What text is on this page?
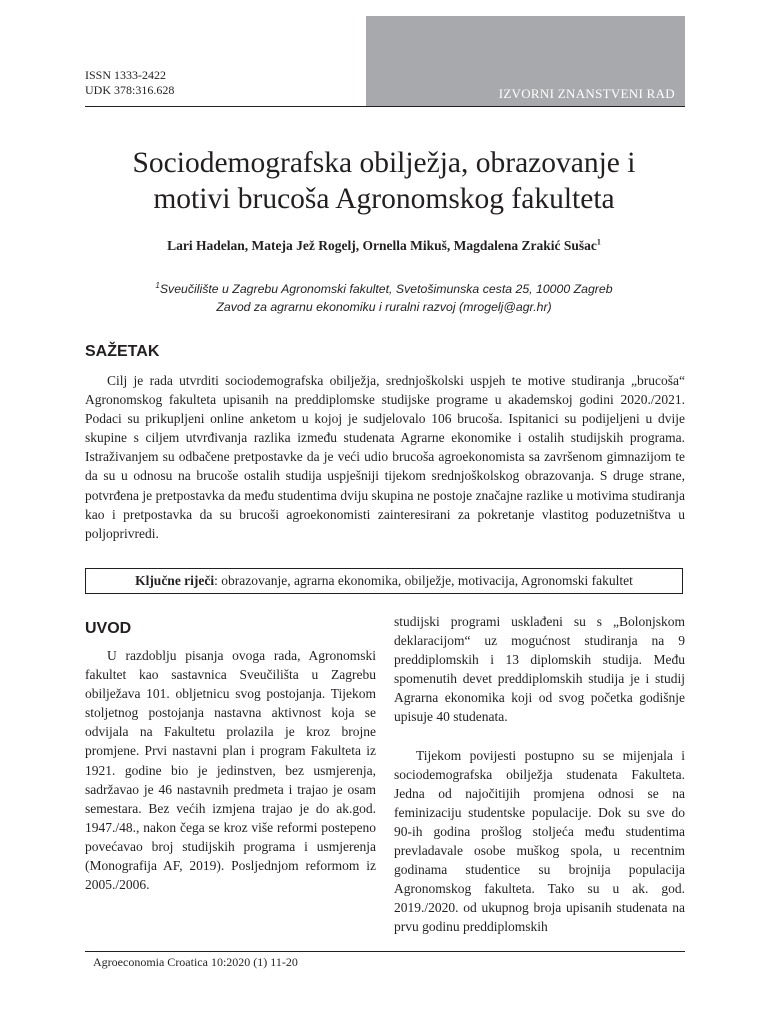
IZVORNI ZNANSTVENI RAD
ISSN 1333-2422
UDK 378:316.628
Sociodemografska obilježja, obrazovanje i
motivi brucoša Agronomskog fakulteta
Lari Hadelan, Mateja Jež Rogelj, Ornella Mikuš, Magdalena Zrakić Sušac$^1$
$^1$Sveučilište u Zagrebu Agronomski fakultet, Svetošimunska cesta 25, 10000 Zagreb
Zavod za agrarnu ekonomiku i ruralni razvoj (mrogelj@agr.hr)
SAŽETAK

Cilj je rada utvrditi sociodemografska obilježja, srednjoškolski uspjeh te motive studiranja „brucoša“ Agronomskog fakulteta upisanih na preddiplomske studijske programe u akademskoj godini 2020./2021. Podaci su prikupljeni online anketom u kojoj je sudjelovalo 106 brucoša. Ispitanici su podijeljeni u dvije skupine s ciljem utvrđivanja razlika između studenata Agrarne ekonomike i ostalih studijskih programa. Istraživanjem su odbačene pretpostavke da je veći udio brucoša agroekonomista sa završenom gimnazijom te da su u odnosu na brucoše ostalih studija uspješniji tijekom srednjoškolskog obrazovanja. S druge strane, potvrđena je pretpostavka da među studentima dviju skupina ne postoje značajne razlike u motivima studiranja kao i pretpostavka da su brucoši agroekonomisti zainteresirani za pokretanje vlastitog poduzetništva u poljoprivredi.

Ključne riječi: obrazovanje, agrarna ekonomika, obilježje, motivacija, Agronomski fakultet
UVOD

U razdoblju pisanja ovoga rada, Agronomski fakultet kao sastavnica Sveučilišta u Zagrebu obilježava 101. obljetnicu svog postojanja. Tijekom stoljetnog postojanja nastavna aktivnost koja se odvijala na Fakultetu prolazila je kroz brojne promjene. Prvi nastavni plan i program Fakulteta iz 1921. godine bio je jedinstven, bez usmjerenja, sadržavao je 46 nastavnih predmeta i trajao je osam semestara. Bez većih izmjena trajao je do ak.god. 1947./48., nakon čega se kroz više reformi postepeno povećavao broj studijskih programa i usmjerenja (Monografija AF, 2019). Posljednjom reformom iz 2005./2006.

studijski programi usklađeni su s „Bolonjskom deklaracijom“ uz mogućnost studiranja na 9 preddiplomskih i 13 diplomskih studija. Među spomenutih devet preddiplomskih studija je i studij Agrarna ekonomika koji od svog početka godišnje upisuje 40 studenata.

Tijekom povijesti postupno su se mijenjala i sociodemografska obilježja studenata Fakulteta. Jedna od najočitijih promjena odnosi se na feminizaciju studentske populacije. Dok su sve do 90-ih godina prošlog stoljeća među studentima prevladavale osobe muškog spola, u recentnim godinama studentice su brojnija populacija Agronomskog fakulteta. Tako su u ak. god. 2019./2020. od ukupnog broja upisanih studenata na prvu godinu preddiplomskih

Agroeconomia Croatica 10:2020 (1) 11-20
